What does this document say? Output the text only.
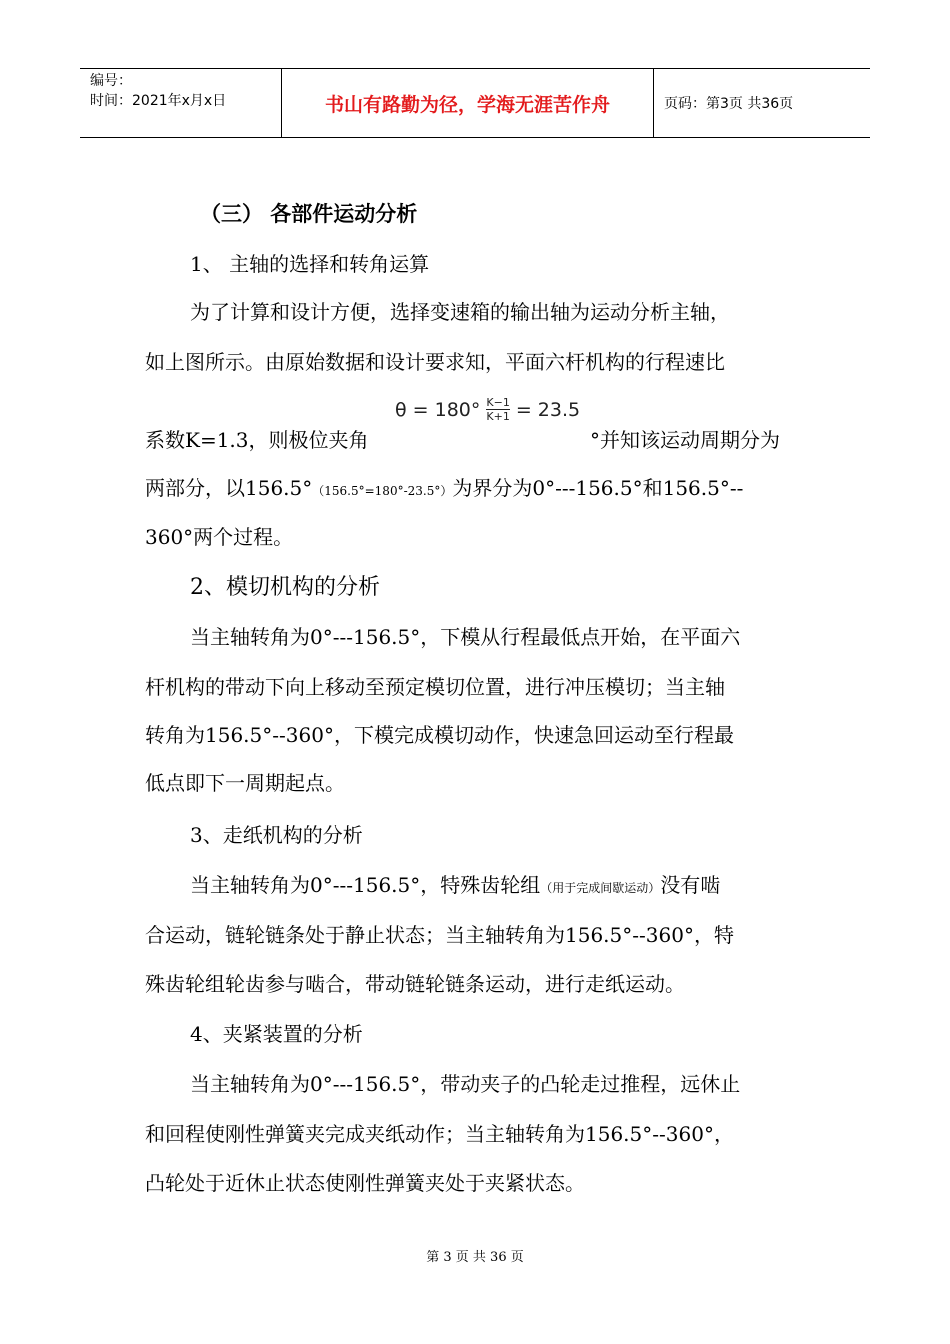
编号：
时间：2021年x月x日	书山有路勤为径，学海无涯苦作舟	页码：第3页 共36页
（三） 各部件运动分析
1、 主轴的选择和转角运算
为了计算和设计方便，选择变速箱的输出轴为运动分析主轴，
如上图所示。由原始数据和设计要求知，平面六杆机构的行程速比
系数K=1.3，则极位夹角
$\theta = 180^\circ \frac{K-1}{K+1} = 23.5$
°并知该运动周期分为
两部分，以156.5°（156.5°=180°-23.5°）为界分为0°---156.5°和156.5°--
360°两个过程。
2、模切机构的分析
当主轴转角为0°---156.5°，下模从行程最低点开始，在平面六
杆机构的带动下向上移动至预定模切位置，进行冲压模切；当主轴
转角为156.5°--360°，下模完成模切动作，快速急回运动至行程最
低点即下一周期起点。
3、走纸机构的分析
当主轴转角为0°---156.5°，特殊齿轮组（用于完成间歇运动）没有啮
合运动，链轮链条处于静止状态；当主轴转角为156.5°--360°，特
殊齿轮组轮齿参与啮合，带动链轮链条运动，进行走纸运动。
4、夹紧装置的分析
当主轴转角为0°---156.5°，带动夹子的凸轮走过推程，远休止
和回程使刚性弹簧夹完成夹纸动作；当主轴转角为156.5°--360°，
凸轮处于近休止状态使刚性弹簧夹处于夹紧状态。
第 3 页 共 36 页
